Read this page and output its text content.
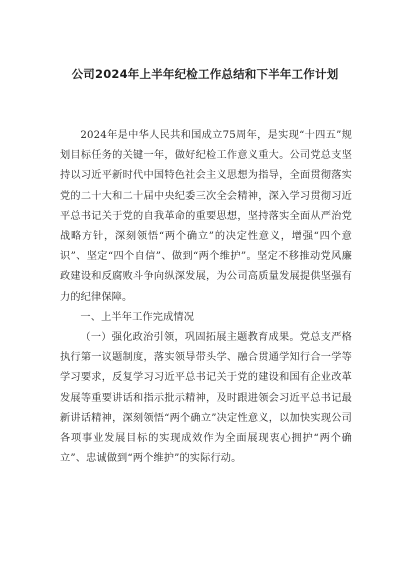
公司2024年上半年纪检工作总结和下半年工作计划

2024年是中华人民共和国成立75周年，是实现“十四五”规划目标任务的关键一年，做好纪检工作意义重大。公司党总支坚持以习近平新时代中国特色社会主义思想为指导，全面贯彻落实党的二十大和二十届中央纪委三次全会精神，深入学习贯彻习近平总书记关于党的自我革命的重要思想，坚持落实全面从严治党战略方针，深刻领悟“两个确立”的决定性意义，增强“四个意识”、坚定“四个自信”、做到“两个维护”。坚定不移推动党风廉政建设和反腐败斗争向纵深发展，为公司高质量发展提供坚强有力的纪律保障。

一、上半年工作完成情况

（一）强化政治引领，巩固拓展主题教育成果。党总支严格执行第一议题制度，落实领导带头学、融合贯通学知行合一学等学习要求，反复学习习近平总书记关于党的建设和国有企业改革发展等重要讲话和指示批示精神，及时跟进领会习近平总书记最新讲话精神，深刻领悟“两个确立”决定性意义，以加快实现公司各项事业发展目标的实现成效作为全面展现衷心拥护“两个确立”、忠诚做到“两个维护”的实际行动。
